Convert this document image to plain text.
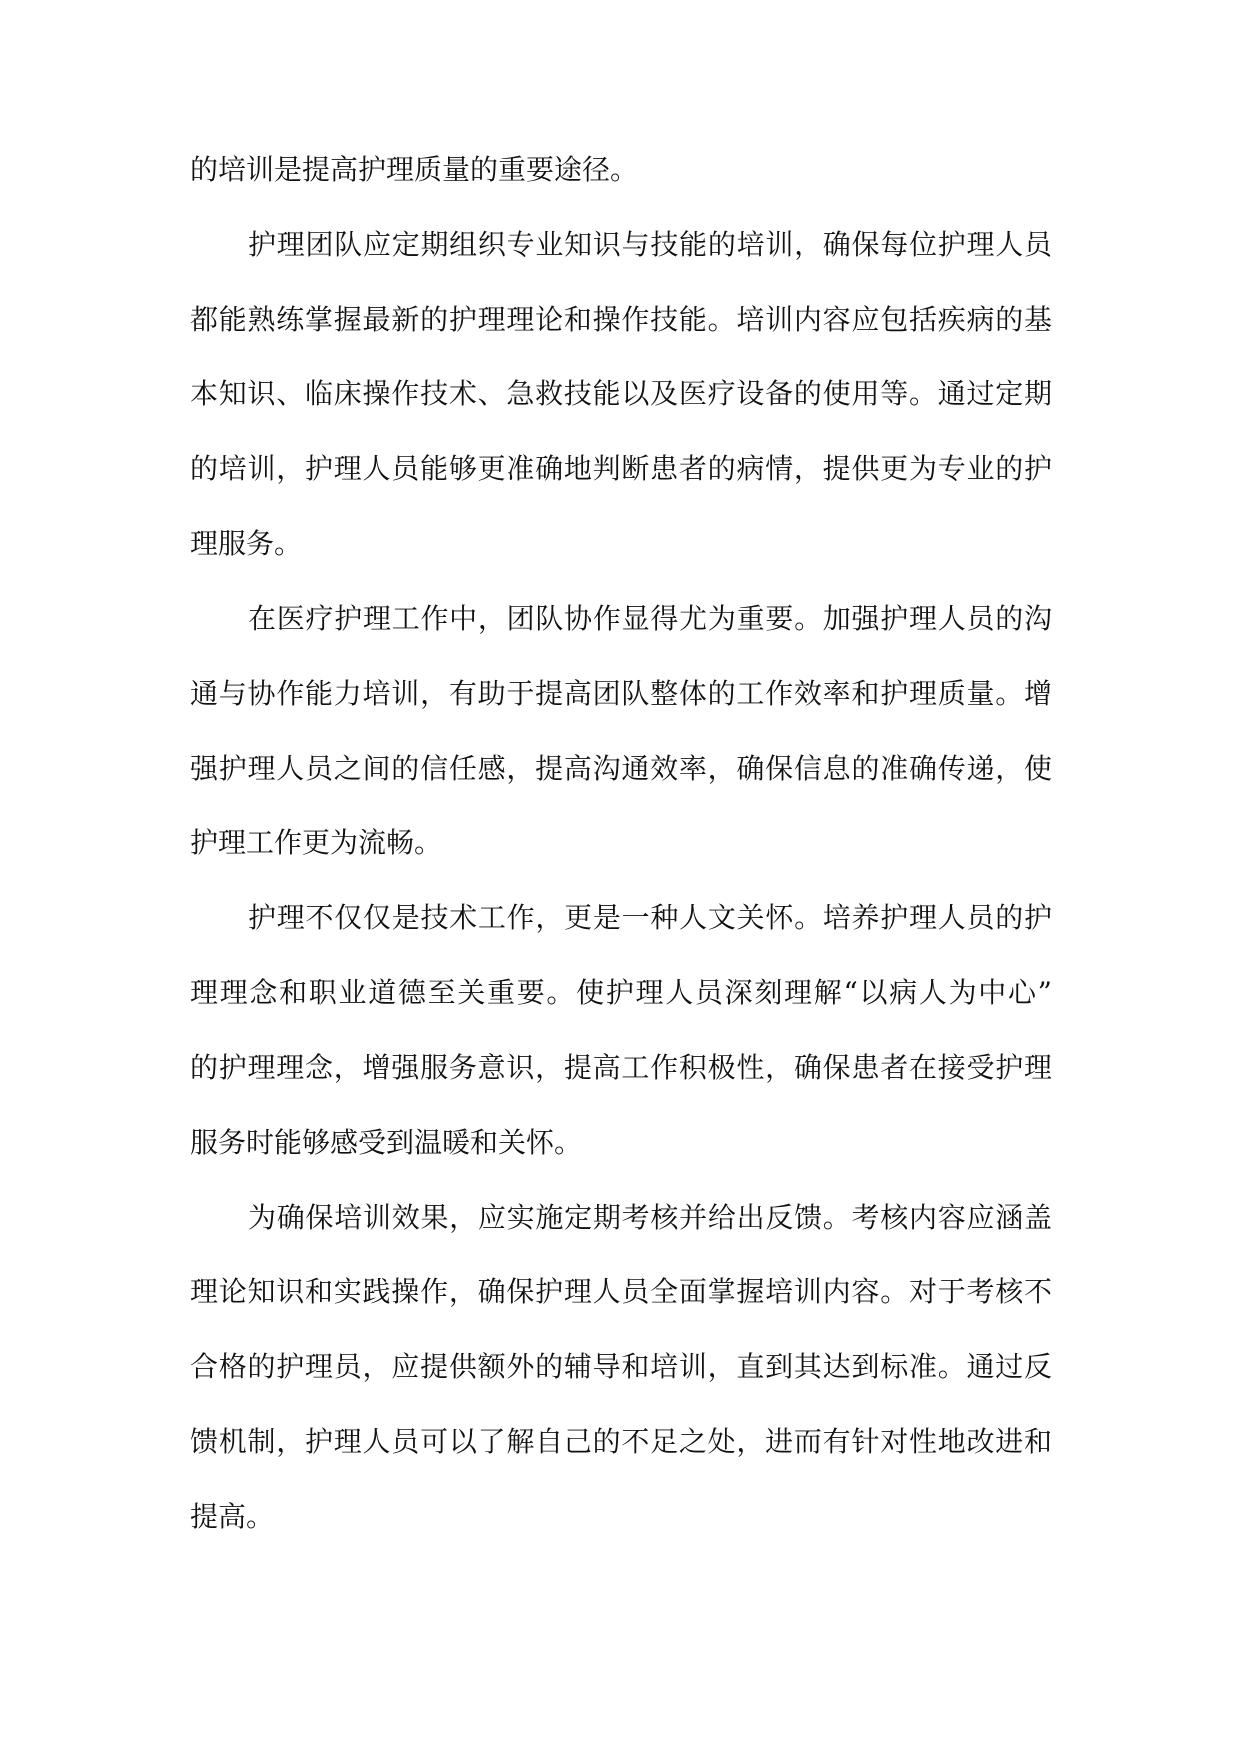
的培训是提高护理质量的重要途径。
护理团队应定期组织专业知识与技能的培训，确保每位护理人员
都能熟练掌握最新的护理理论和操作技能。培训内容应包括疾病的基
本知识、临床操作技术、急救技能以及医疗设备的使用等。通过定期
的培训，护理人员能够更准确地判断患者的病情，提供更为专业的护
理服务。
在医疗护理工作中，团队协作显得尤为重要。加强护理人员的沟
通与协作能力培训，有助于提高团队整体的工作效率和护理质量。增
强护理人员之间的信任感，提高沟通效率，确保信息的准确传递，使
护理工作更为流畅。
护理不仅仅是技术工作，更是一种人文关怀。培养护理人员的护
理理念和职业道德至关重要。使护理人员深刻理解“以病人为中心”
的护理理念，增强服务意识，提高工作积极性，确保患者在接受护理
服务时能够感受到温暖和关怀。
为确保培训效果，应实施定期考核并给出反馈。考核内容应涵盖
理论知识和实践操作，确保护理人员全面掌握培训内容。对于考核不
合格的护理员，应提供额外的辅导和培训，直到其达到标准。通过反
馈机制，护理人员可以了解自己的不足之处，进而有针对性地改进和
提高。
